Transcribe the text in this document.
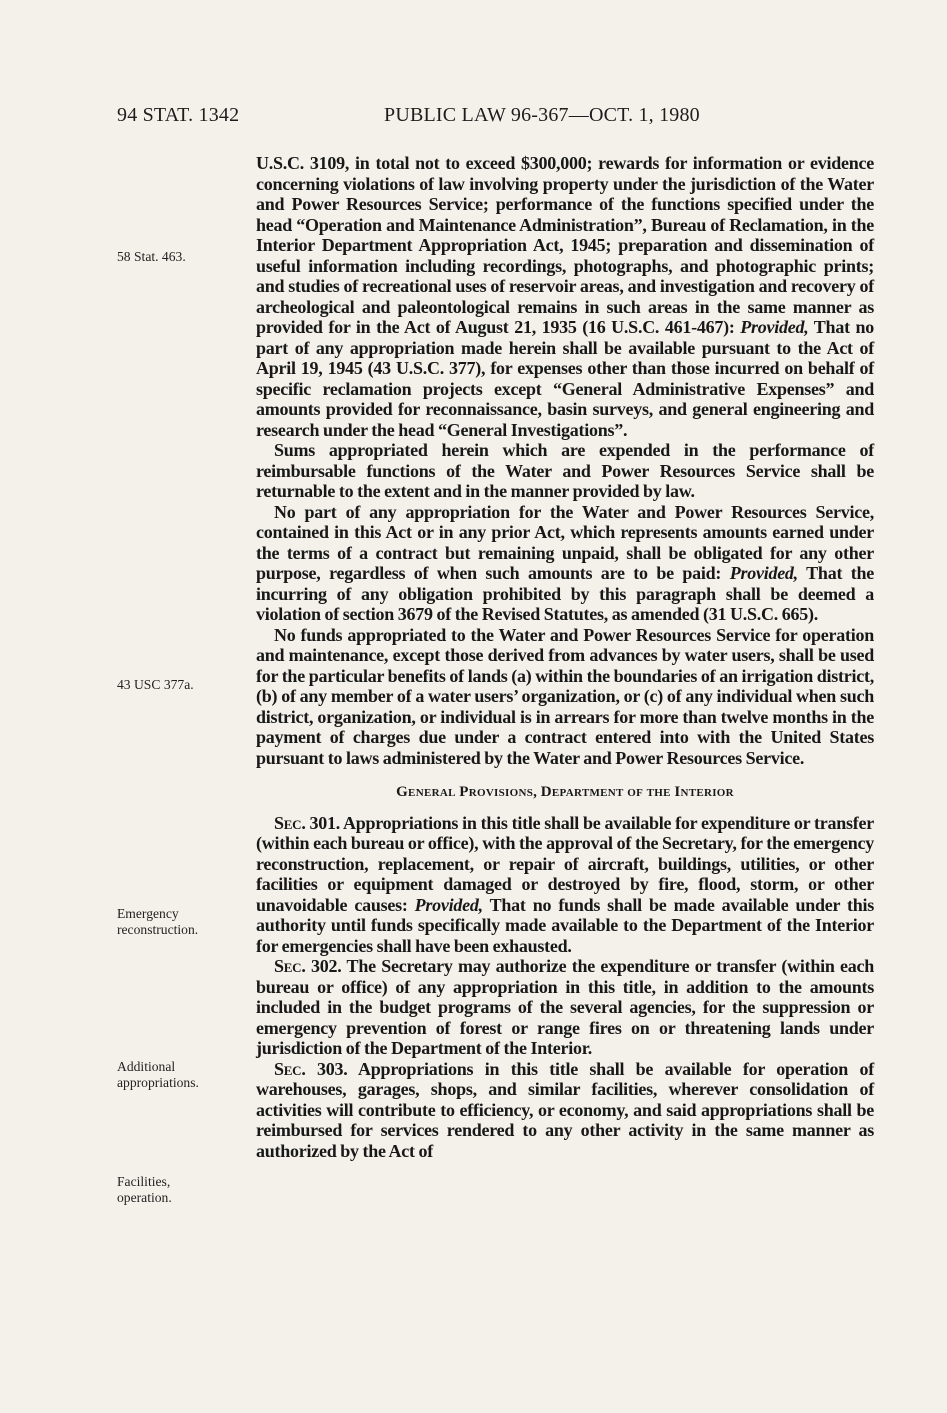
94 STAT. 1342	PUBLIC LAW 96-367—OCT. 1, 1980
58 Stat. 463.
43 USC 377a.
Emergency reconstruction.
Additional appropriations.
Facilities, operation.

U.S.C. 3109, in total not to exceed $300,000; rewards for information or evidence concerning violations of law involving property under the jurisdiction of the Water and Power Resources Service; performance of the functions specified under the head “Operation and Maintenance Administration”, Bureau of Reclamation, in the Interior Department Appropriation Act, 1945; preparation and dissemination of useful information including recordings, photographs, and photographic prints; and studies of recreational uses of reservoir areas, and investigation and recovery of archeological and paleontological remains in such areas in the same manner as provided for in the Act of August 21, 1935 (16 U.S.C. 461-467): Provided, That no part of any appropriation made herein shall be available pursuant to the Act of April 19, 1945 (43 U.S.C. 377), for expenses other than those incurred on behalf of specific reclamation projects except “General Administrative Expenses” and amounts provided for reconnaissance, basin surveys, and general engineering and research under the head “General Investigations”.

Sums appropriated herein which are expended in the performance of reimbursable functions of the Water and Power Resources Service shall be returnable to the extent and in the manner provided by law.

No part of any appropriation for the Water and Power Resources Service, contained in this Act or in any prior Act, which represents amounts earned under the terms of a contract but remaining unpaid, shall be obligated for any other purpose, regardless of when such amounts are to be paid: Provided, That the incurring of any obligation prohibited by this paragraph shall be deemed a violation of section 3679 of the Revised Statutes, as amended (31 U.S.C. 665).

No funds appropriated to the Water and Power Resources Service for operation and maintenance, except those derived from advances by water users, shall be used for the particular benefits of lands (a) within the boundaries of an irrigation district, (b) of any member of a water users’ organization, or (c) of any individual when such district, organization, or individual is in arrears for more than twelve months in the payment of charges due under a contract entered into with the United States pursuant to laws administered by the Water and Power Resources Service.

General Provisions, Department of the Interior

Sec. 301. Appropriations in this title shall be available for expenditure or transfer (within each bureau or office), with the approval of the Secretary, for the emergency reconstruction, replacement, or repair of aircraft, buildings, utilities, or other facilities or equipment damaged or destroyed by fire, flood, storm, or other unavoidable causes: Provided, That no funds shall be made available under this authority until funds specifically made available to the Department of the Interior for emergencies shall have been exhausted.

Sec. 302. The Secretary may authorize the expenditure or transfer (within each bureau or office) of any appropriation in this title, in addition to the amounts included in the budget programs of the several agencies, for the suppression or emergency prevention of forest or range fires on or threatening lands under jurisdiction of the Department of the Interior.

Sec. 303. Appropriations in this title shall be available for operation of warehouses, garages, shops, and similar facilities, wherever consolidation of activities will contribute to efficiency, or economy, and said appropriations shall be reimbursed for services rendered to any other activity in the same manner as authorized by the Act of
